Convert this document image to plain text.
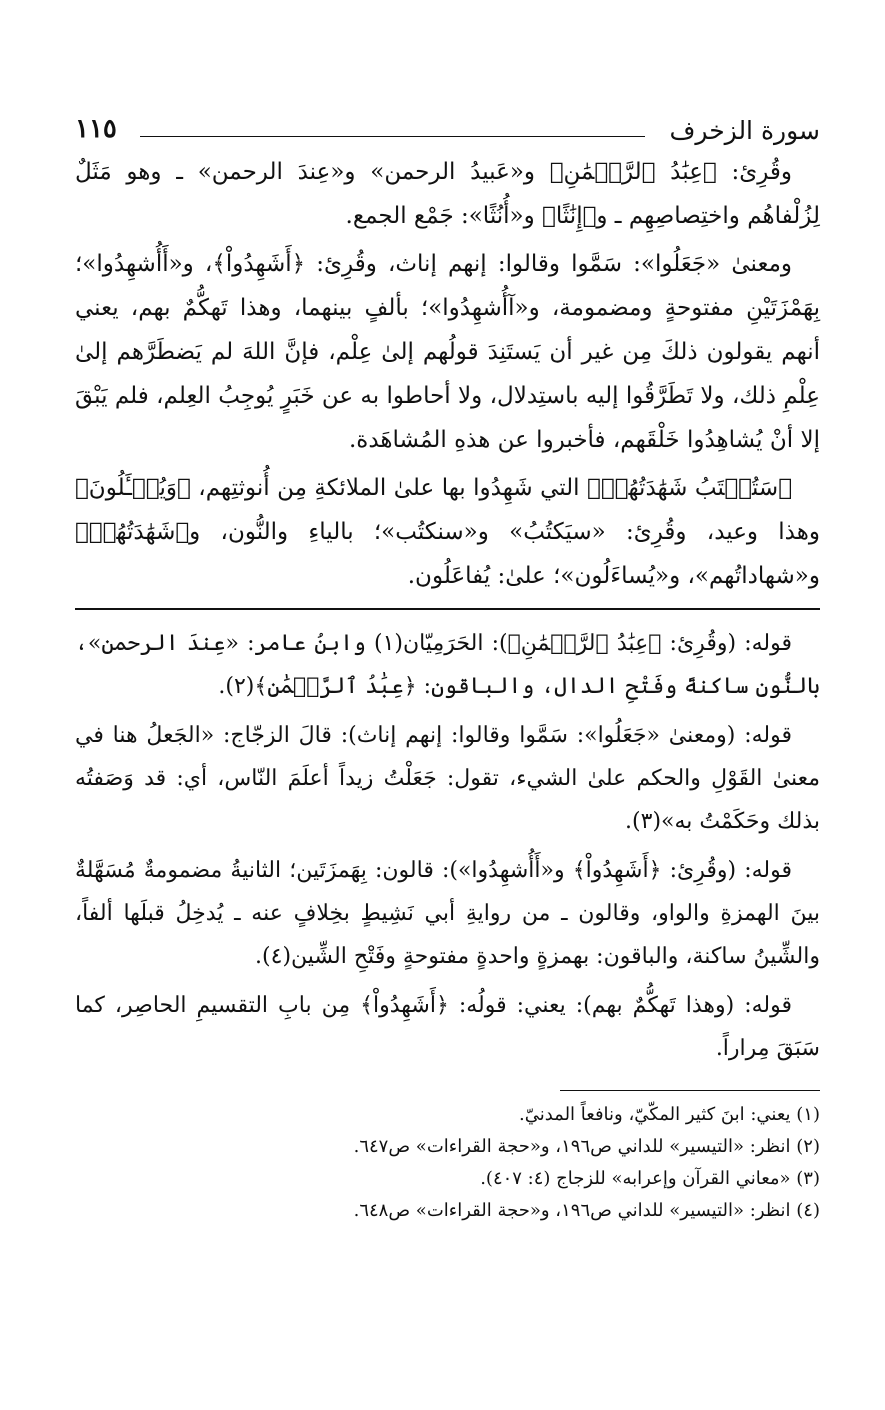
سورة الزخرف
١١٥

وقُرِئ: ﴿عِبَٰدُ ٱلرَّحۡمَٰنِ﴾ و«عَبيدُ الرحمن» و«عِندَ الرحمن» ـ وهو مَثَلٌ لِزُلْفاهُم واختِصاصِهِم ـ و﴿إِنَٰثًا﴾ و«أُنُثًا»: جَمْع الجمع.

ومعنىٰ «جَعَلُوا»: سَمَّوا وقالوا: إنهم إناث، وقُرِئ: ﴿أَشَهِدُواْ﴾، و«أَأُشهِدُوا»؛ بِهَمْزَتَيْنِ مفتوحةٍ ومضمومة، و«آأُشهِدُوا»؛ بألفٍ بينهما، وهذا تَهكُّمٌ بهم، يعني أنهم يقولون ذلكَ مِن غير أن يَستَنِدَ قولُهم إلىٰ عِلْم، فإنَّ اللهَ لم يَضطَرَّهم إلىٰ عِلْمِ ذلك، ولا تَطَرَّقُوا إليه باستِدلال، ولا أحاطوا به عن خَبَرٍ يُوجِبُ العِلم، فلم يَبْقَ إلا أنْ يُشاهِدُوا خَلْقَهم، فأخبروا عن هذهِ المُشاهَدة.

﴿سَتُكۡتَبُ شَهَٰدَتُهُمۡ﴾ التي شَهِدُوا بها علىٰ الملائكةِ مِن أُنوثتِهم، ﴿وَيُسۡـَٔلُونَ﴾ وهذا وعيد، وقُرِئ: «سيَكتُبُ» و«سنكتُب»؛ بالياءِ والنُّون، و﴿شَهَٰدَتُهُمۡ﴾ و«شهاداتُهم»، و«يُساءَلُون»؛ علىٰ: يُفاعَلُون.

قوله: (وقُرِئ: ﴿عِبَٰدُ ٱلرَّحۡمَٰنِ﴾): الحَرَمِيّان(١) وابنُ عامر: «عِندَ الرحمن»، بالنُّونِ ساكنةً وفَتْحِ الدال، والباقون: ﴿عِبَٰدُ ٱلرَّحۡمَٰنِ﴾(٢).

قوله: (ومعنىٰ «جَعَلُوا»: سَمَّوا وقالوا: إنهم إناث): قالَ الزجّاج: «الجَعلُ هنا في معنىٰ القَوْلِ والحكم علىٰ الشيء، تقول: جَعَلْتُ زيداً أعلَمَ النّاس، أي: قد وَصَفتُه بذلك وحَكَمْتُ به»(٣).

قوله: (وقُرِئ: ﴿أَشَهِدُواْ﴾ و«أَأُشهِدُوا»): قالون: بِهَمزَتَين؛ الثانيةُ مضمومةٌ مُسَهَّلةٌ بينَ الهمزةِ والواو، وقالون ـ من روايةِ أبي نَشِيطٍ بخِلافٍ عنه ـ يُدخِلُ قبلَها ألفاً، والشِّينُ ساكنة، والباقون: بهمزةٍ واحدةٍ مفتوحةٍ وفَتْحِ الشِّين(٤).

قوله: (وهذا تَهكُّمٌ بهم): يعني: قولُه: ﴿أَشَهِدُواْ﴾ مِن بابِ التقسيمِ الحاصِر، كما سَبَقَ مِراراً.

(١) يعني: ابنَ كثير المكّيّ، ونافعاً المدنيّ.

(٢) انظر: «التيسير» للداني ص١٩٦، و«حجة القراءات» ص٦٤٧.

(٣) «معاني القرآن وإعرابه» للزجاج (٤: ٤٠٧).

(٤) انظر: «التيسير» للداني ص١٩٦، و«حجة القراءات» ص٦٤٨.
